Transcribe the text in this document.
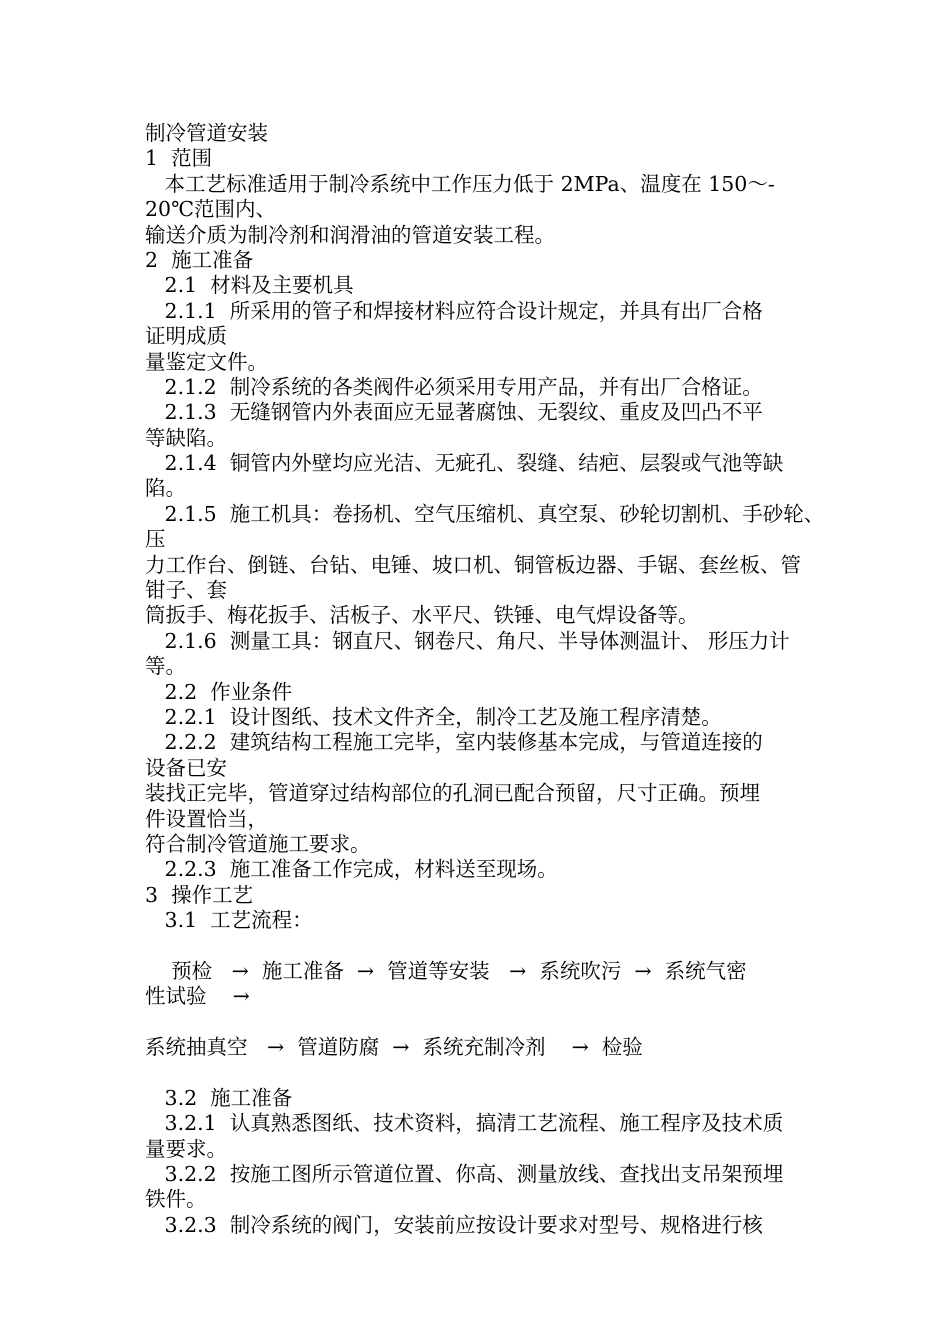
制冷管道安装
1  范围
本工艺标准适用于制冷系统中工作压力低于 2MPa、温度在 150～-
20℃范围内、
输送介质为制冷剂和润滑油的管道安装工程。
2  施工准备
2.1  材料及主要机具
2.1.1  所采用的管子和焊接材料应符合设计规定，并具有出厂合格
证明成质
量鉴定文件。
2.1.2  制冷系统的各类阀件必须采用专用产品，并有出厂合格证。
2.1.3  无缝钢管内外表面应无显著腐蚀、无裂纹、重皮及凹凸不平
等缺陷。
2.1.4  铜管内外壁均应光洁、无疵孔、裂缝、结疤、层裂或气池等缺
陷。
2.1.5  施工机具：卷扬机、空气压缩机、真空泵、砂轮切割机、手砂轮、
压
力工作台、倒链、台钻、电锤、坡口机、铜管板边器、手锯、套丝板、管
钳子、套
筒扳手、梅花扳手、活板子、水平尺、铁锤、电气焊设备等。
2.1.6  测量工具：钢直尺、钢卷尺、角尺、半导体测温计、 形压力计
等。
2.2  作业条件
2.2.1  设计图纸、技术文件齐全，制冷工艺及施工程序清楚。
2.2.2  建筑结构工程施工完毕，室内装修基本完成，与管道连接的
设备已安
装找正完毕，管道穿过结构部位的孔洞已配合预留，尺寸正确。预埋
件设置恰当，
符合制冷管道施工要求。
2.2.3  施工准备工作完成，材料送至现场。
3  操作工艺
3.1  工艺流程：
预检   →  施工准备  →  管道等安装   →  系统吹污  →  系统气密
性试验    →
系统抽真空   →  管道防腐  →  系统充制冷剂    →  检验
3.2  施工准备
3.2.1  认真熟悉图纸、技术资料，搞清工艺流程、施工程序及技术质
量要求。
3.2.2  按施工图所示管道位置、你高、测量放线、查找出支吊架预埋
铁件。
3.2.3  制冷系统的阀门，安装前应按设计要求对型号、规格进行核
